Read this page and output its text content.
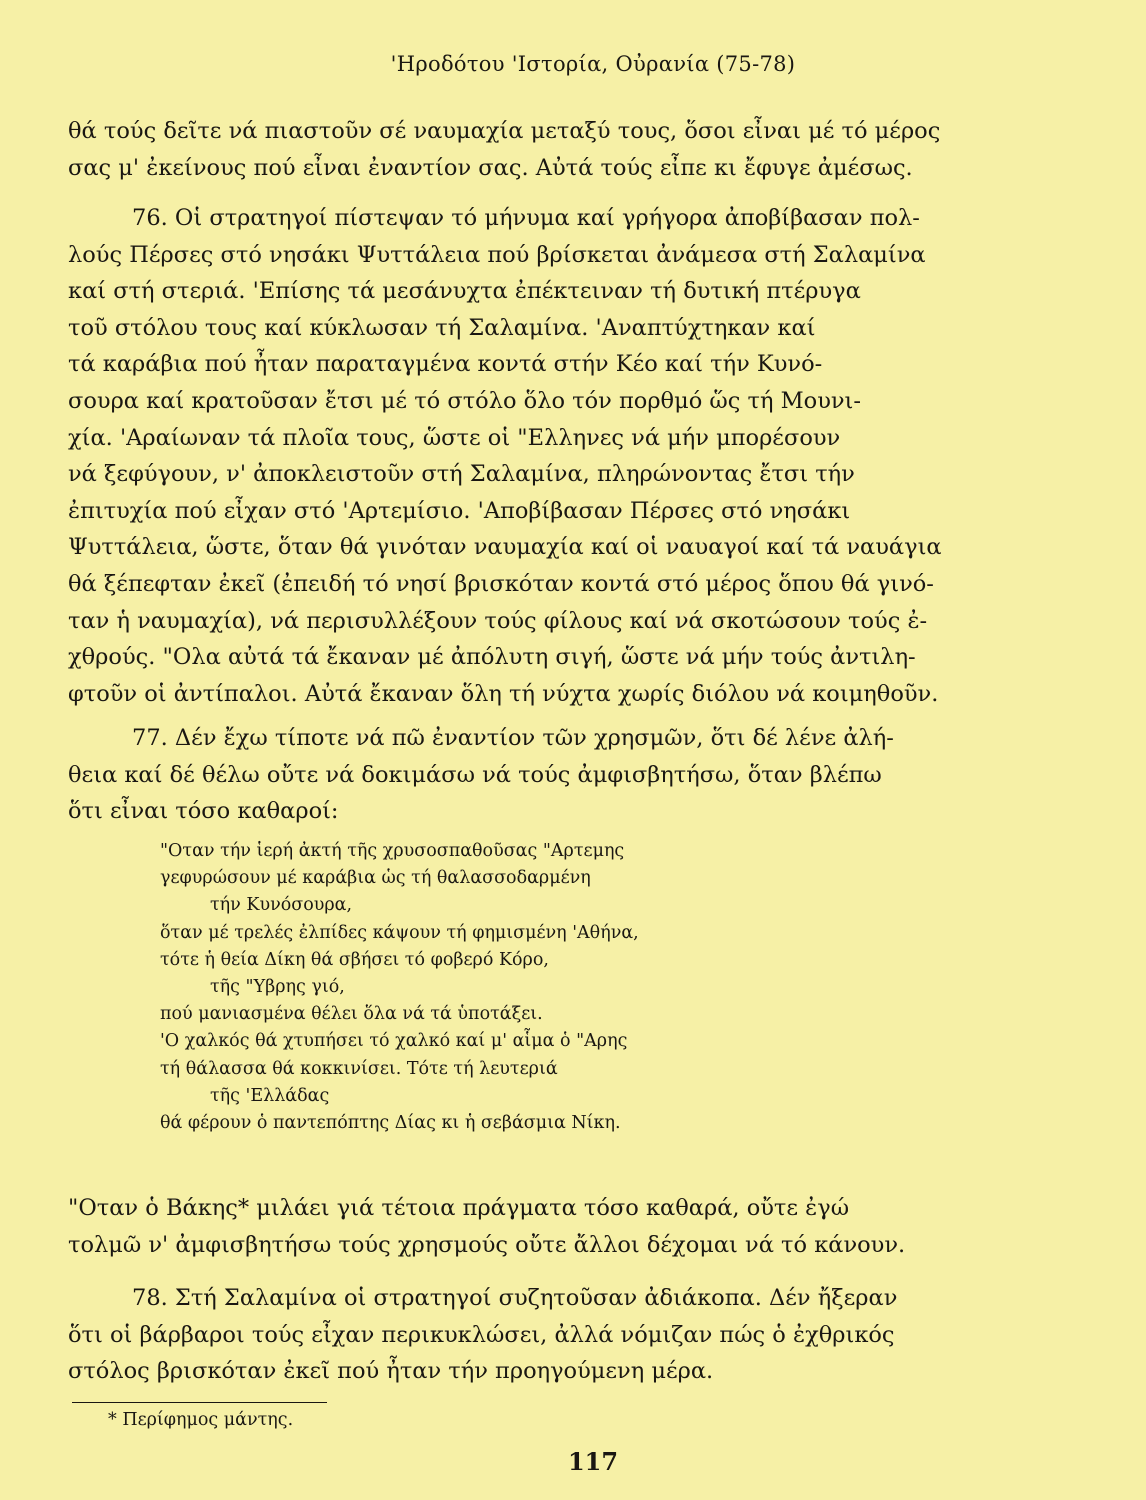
'Ηροδότου 'Ιστορία, Οὐρανία (75-78)
θά τούς δεῖτε νά πιαστοῦν σέ ναυμαχία μεταξύ τους, ὅσοι εἶναι μέ τό μέρος
σας μ' ἐκείνους πού εἶναι ἐναντίον σας. Αὐτά τούς εἶπε κι ἔφυγε ἀμέσως.
76. Οἱ στρατηγοί πίστεψαν τό μήνυμα καί γρήγορα ἀποβίβασαν πολ-
λούς Πέρσες στό νησάκι Ψυττάλεια πού βρίσκεται ἀνάμεσα στή Σαλαμίνα
καί στή στεριά. 'Επίσης τά μεσάνυχτα ἐπέκτειναν τή δυτική πτέρυγα
τοῦ στόλου τους καί κύκλωσαν τή Σαλαμίνα. 'Αναπτύχτηκαν καί
τά καράβια πού ἦταν παραταγμένα κοντά στήν Κέο καί τήν Κυνό-
σουρα καί κρατοῦσαν ἔτσι μέ τό στόλο ὅλο τόν πορθμό ὥς τή Μουνι-
χία. 'Αραίωναν τά πλοῖα τους, ὥστε οἱ "Ελληνες νά μήν μπορέσουν
νά ξεφύγουν, ν' ἀποκλειστοῦν στή Σαλαμίνα, πληρώνοντας ἔτσι τήν
ἐπιτυχία πού εἶχαν στό 'Αρτεμίσιο. 'Αποβίβασαν Πέρσες στό νησάκι
Ψυττάλεια, ὥστε, ὅταν θά γινόταν ναυμαχία καί οἱ ναυαγοί καί τά ναυάγια
θά ξέπεφταν ἐκεῖ (ἐπειδή τό νησί βρισκόταν κοντά στό μέρος ὅπου θά γινό-
ταν ἡ ναυμαχία), νά περισυλλέξουν τούς φίλους καί νά σκοτώσουν τούς ἐ-
χθρούς. "Ολα αὐτά τά ἔκαναν μέ ἀπόλυτη σιγή, ὥστε νά μήν τούς ἀντιλη-
φτοῦν οἱ ἀντίπαλοι. Αὐτά ἔκαναν ὅλη τή νύχτα χωρίς διόλου νά κοιμηθοῦν.
77. Δέν ἔχω τίποτε νά πῶ ἐναντίον τῶν χρησμῶν, ὅτι δέ λένε ἀλή-
θεια καί δέ θέλω οὔτε νά δοκιμάσω νά τούς ἀμφισβητήσω, ὅταν βλέπω
ὅτι εἶναι τόσο καθαροί:
"Οταν τήν ἱερή ἀκτή τῆς χρυσοσπαθοῦσας "Αρτεμης
γεφυρώσουν μέ καράβια ὡς τή θαλασσοδαρμένη
τήν Κυνόσουρα,
ὅταν μέ τρελές ἐλπίδες κάψουν τή φημισμένη 'Αθήνα,
τότε ἡ θεία Δίκη θά σβήσει τό φοβερό Κόρο,
τῆς "Υβρης γιό,
πού μανιασμένα θέλει ὅλα νά τά ὑποτάξει.
'Ο χαλκός θά χτυπήσει τό χαλκό καί μ' αἷμα ὁ "Αρης
τή θάλασσα θά κοκκινίσει. Τότε τή λευτεριά
τῆς 'Ελλάδας
θά φέρουν ὁ παντεπόπτης Δίας κι ἡ σεβάσμια Νίκη.
"Οταν ὁ Βάκης* μιλάει γιά τέτοια πράγματα τόσο καθαρά, οὔτε ἐγώ
τολμῶ ν' ἀμφισβητήσω τούς χρησμούς οὔτε ἄλλοι δέχομαι νά τό κάνουν.
78. Στή Σαλαμίνα οἱ στρατηγοί συζητοῦσαν ἀδιάκοπα. Δέν ἤξεραν
ὅτι οἱ βάρβαροι τούς εἶχαν περικυκλώσει, ἀλλά νόμιζαν πώς ὁ ἐχθρικός
στόλος βρισκόταν ἐκεῖ πού ἦταν τήν προηγούμενη μέρα.
* Περίφημος μάντης.
117
